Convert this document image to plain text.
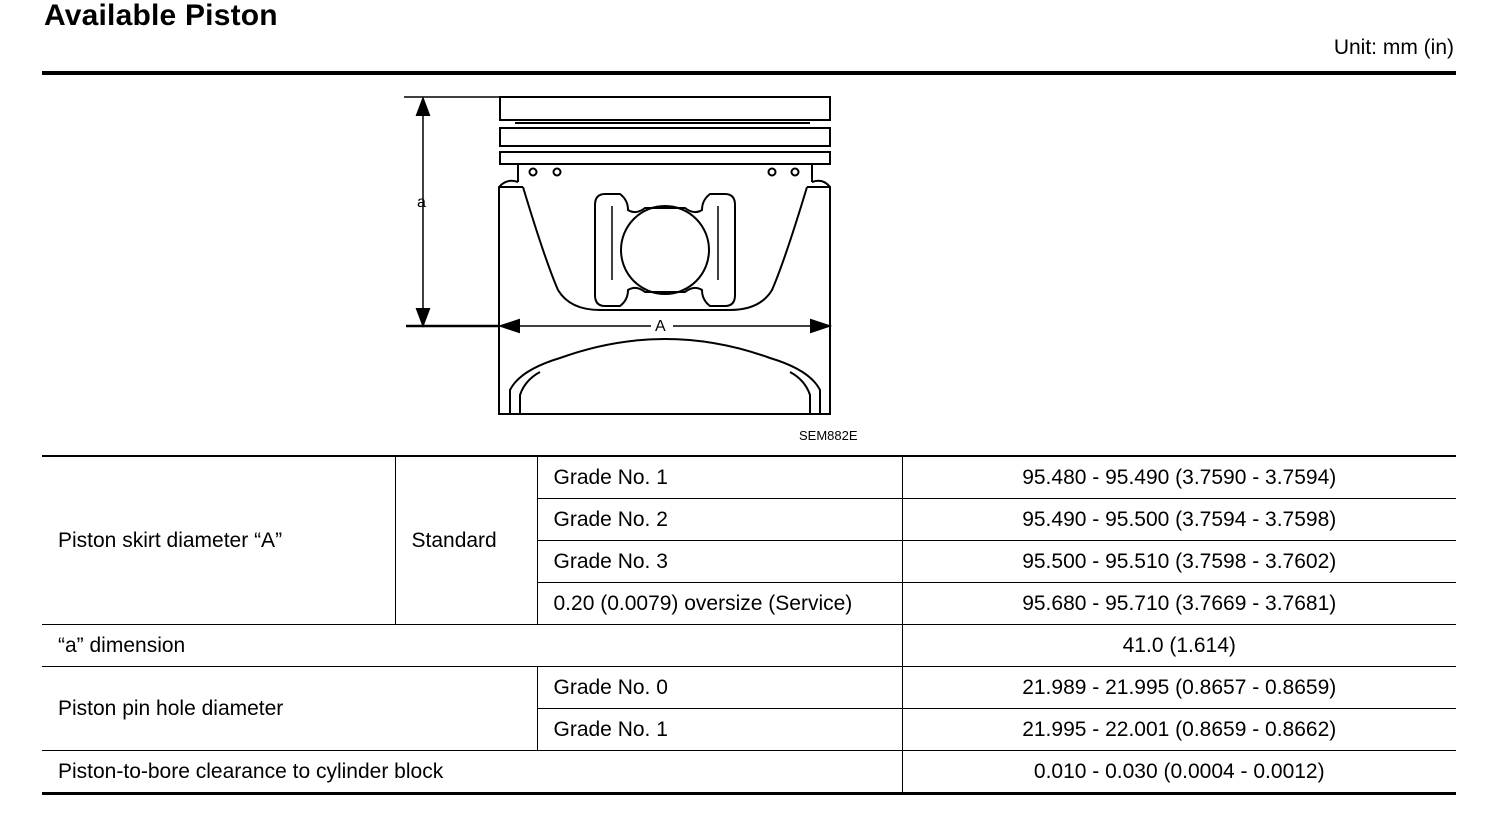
Available Piston
Unit: mm (in)
a
A
SEM882E
Piston skirt diameter “A”	Standard	Grade No. 1	95.480 - 95.490 (3.7590 - 3.7594)
		Grade No. 2	95.490 - 95.500 (3.7594 - 3.7598)
		Grade No. 3	95.500 - 95.510 (3.7598 - 3.7602)
		0.20 (0.0079) oversize (Service)	95.680 - 95.710 (3.7669 - 3.7681)
“a” dimension			41.0 (1.614)
Piston pin hole diameter		Grade No. 0	21.989 - 21.995 (0.8657 - 0.8659)
		Grade No. 1	21.995 - 22.001 (0.8659 - 0.8662)
Piston-to-bore clearance to cylinder block			0.010 - 0.030 (0.0004 - 0.0012)
